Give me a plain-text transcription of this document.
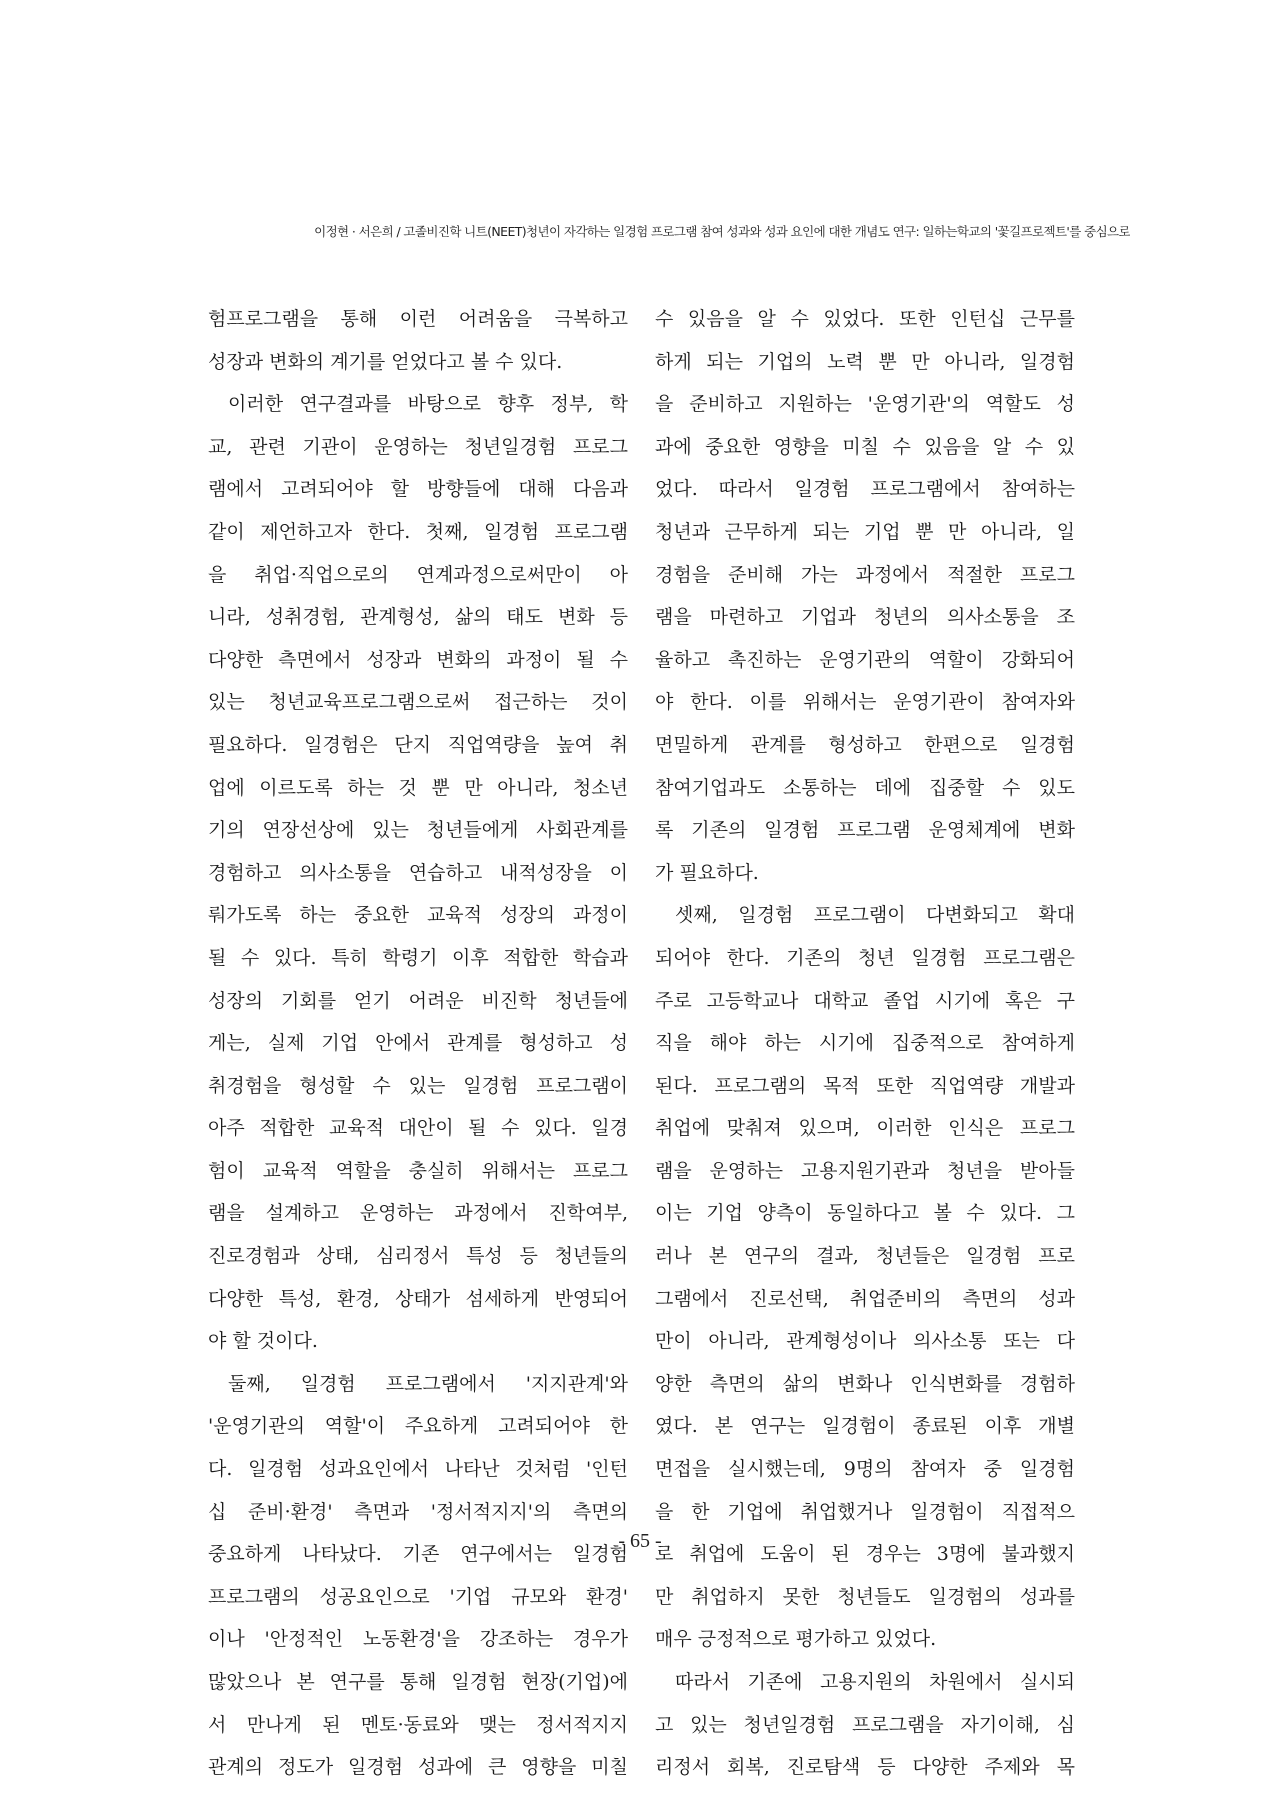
이정현 · 서은희 / 고졸비진학 니트(NEET)청년이 자각하는 일경험 프로그램 참여 성과와 성과 요인에 대한 개념도 연구: 일하는학교의 '꽃길프로젝트'를 중심으로
험프로그램을 통해 이런 어려움을 극복하고
성장과 변화의 계기를 얻었다고 볼 수 있다.
이러한 연구결과를 바탕으로 향후 정부, 학
교, 관련 기관이 운영하는 청년일경험 프로그
램에서 고려되어야 할 방향들에 대해 다음과
같이 제언하고자 한다. 첫째, 일경험 프로그램
을 취업·직업으로의 연계과정으로써만이 아
니라, 성취경험, 관계형성, 삶의 태도 변화 등
다양한 측면에서 성장과 변화의 과정이 될 수
있는 청년교육프로그램으로써 접근하는 것이
필요하다. 일경험은 단지 직업역량을 높여 취
업에 이르도록 하는 것 뿐 만 아니라, 청소년
기의 연장선상에 있는 청년들에게 사회관계를
경험하고 의사소통을 연습하고 내적성장을 이
뤄가도록 하는 중요한 교육적 성장의 과정이
될 수 있다. 특히 학령기 이후 적합한 학습과
성장의 기회를 얻기 어려운 비진학 청년들에
게는, 실제 기업 안에서 관계를 형성하고 성
취경험을 형성할 수 있는 일경험 프로그램이
아주 적합한 교육적 대안이 될 수 있다. 일경
험이 교육적 역할을 충실히 위해서는 프로그
램을 설계하고 운영하는 과정에서 진학여부,
진로경험과 상태, 심리정서 특성 등 청년들의
다양한 특성, 환경, 상태가 섬세하게 반영되어
야 할 것이다.
둘째, 일경험 프로그램에서 '지지관계'와
'운영기관의 역할'이 주요하게 고려되어야 한
다. 일경험 성과요인에서 나타난 것처럼 '인턴
십 준비·환경' 측면과 '정서적지지'의 측면의
중요하게 나타났다. 기존 연구에서는 일경험
프로그램의 성공요인으로 '기업 규모와 환경'
이나 '안정적인 노동환경'을 강조하는 경우가
많았으나 본 연구를 통해 일경험 현장(기업)에
서 만나게 된 멘토·동료와 맺는 정서적지지
관계의 정도가 일경험 성과에 큰 영향을 미칠
수 있음을 알 수 있었다. 또한 인턴십 근무를
하게 되는 기업의 노력 뿐 만 아니라, 일경험
을 준비하고 지원하는 '운영기관'의 역할도 성
과에 중요한 영향을 미칠 수 있음을 알 수 있
었다. 따라서 일경험 프로그램에서 참여하는
청년과 근무하게 되는 기업 뿐 만 아니라, 일
경험을 준비해 가는 과정에서 적절한 프로그
램을 마련하고 기업과 청년의 의사소통을 조
율하고 촉진하는 운영기관의 역할이 강화되어
야 한다. 이를 위해서는 운영기관이 참여자와
면밀하게 관계를 형성하고 한편으로 일경험
참여기업과도 소통하는 데에 집중할 수 있도
록 기존의 일경험 프로그램 운영체계에 변화
가 필요하다.
셋째, 일경험 프로그램이 다변화되고 확대
되어야 한다. 기존의 청년 일경험 프로그램은
주로 고등학교나 대학교 졸업 시기에 혹은 구
직을 해야 하는 시기에 집중적으로 참여하게
된다. 프로그램의 목적 또한 직업역량 개발과
취업에 맞춰져 있으며, 이러한 인식은 프로그
램을 운영하는 고용지원기관과 청년을 받아들
이는 기업 양측이 동일하다고 볼 수 있다. 그
러나 본 연구의 결과, 청년들은 일경험 프로
그램에서 진로선택, 취업준비의 측면의 성과
만이 아니라, 관계형성이나 의사소통 또는 다
양한 측면의 삶의 변화나 인식변화를 경험하
였다. 본 연구는 일경험이 종료된 이후 개별
면접을 실시했는데, 9명의 참여자 중 일경험
을 한 기업에 취업했거나 일경험이 직접적으
로 취업에 도움이 된 경우는 3명에 불과했지
만 취업하지 못한 청년들도 일경험의 성과를
매우 긍정적으로 평가하고 있었다.
따라서 기존에 고용지원의 차원에서 실시되
고 있는 청년일경험 프로그램을 자기이해, 심
리정서 회복, 진로탐색 등 다양한 주제와 목
- 65 -
